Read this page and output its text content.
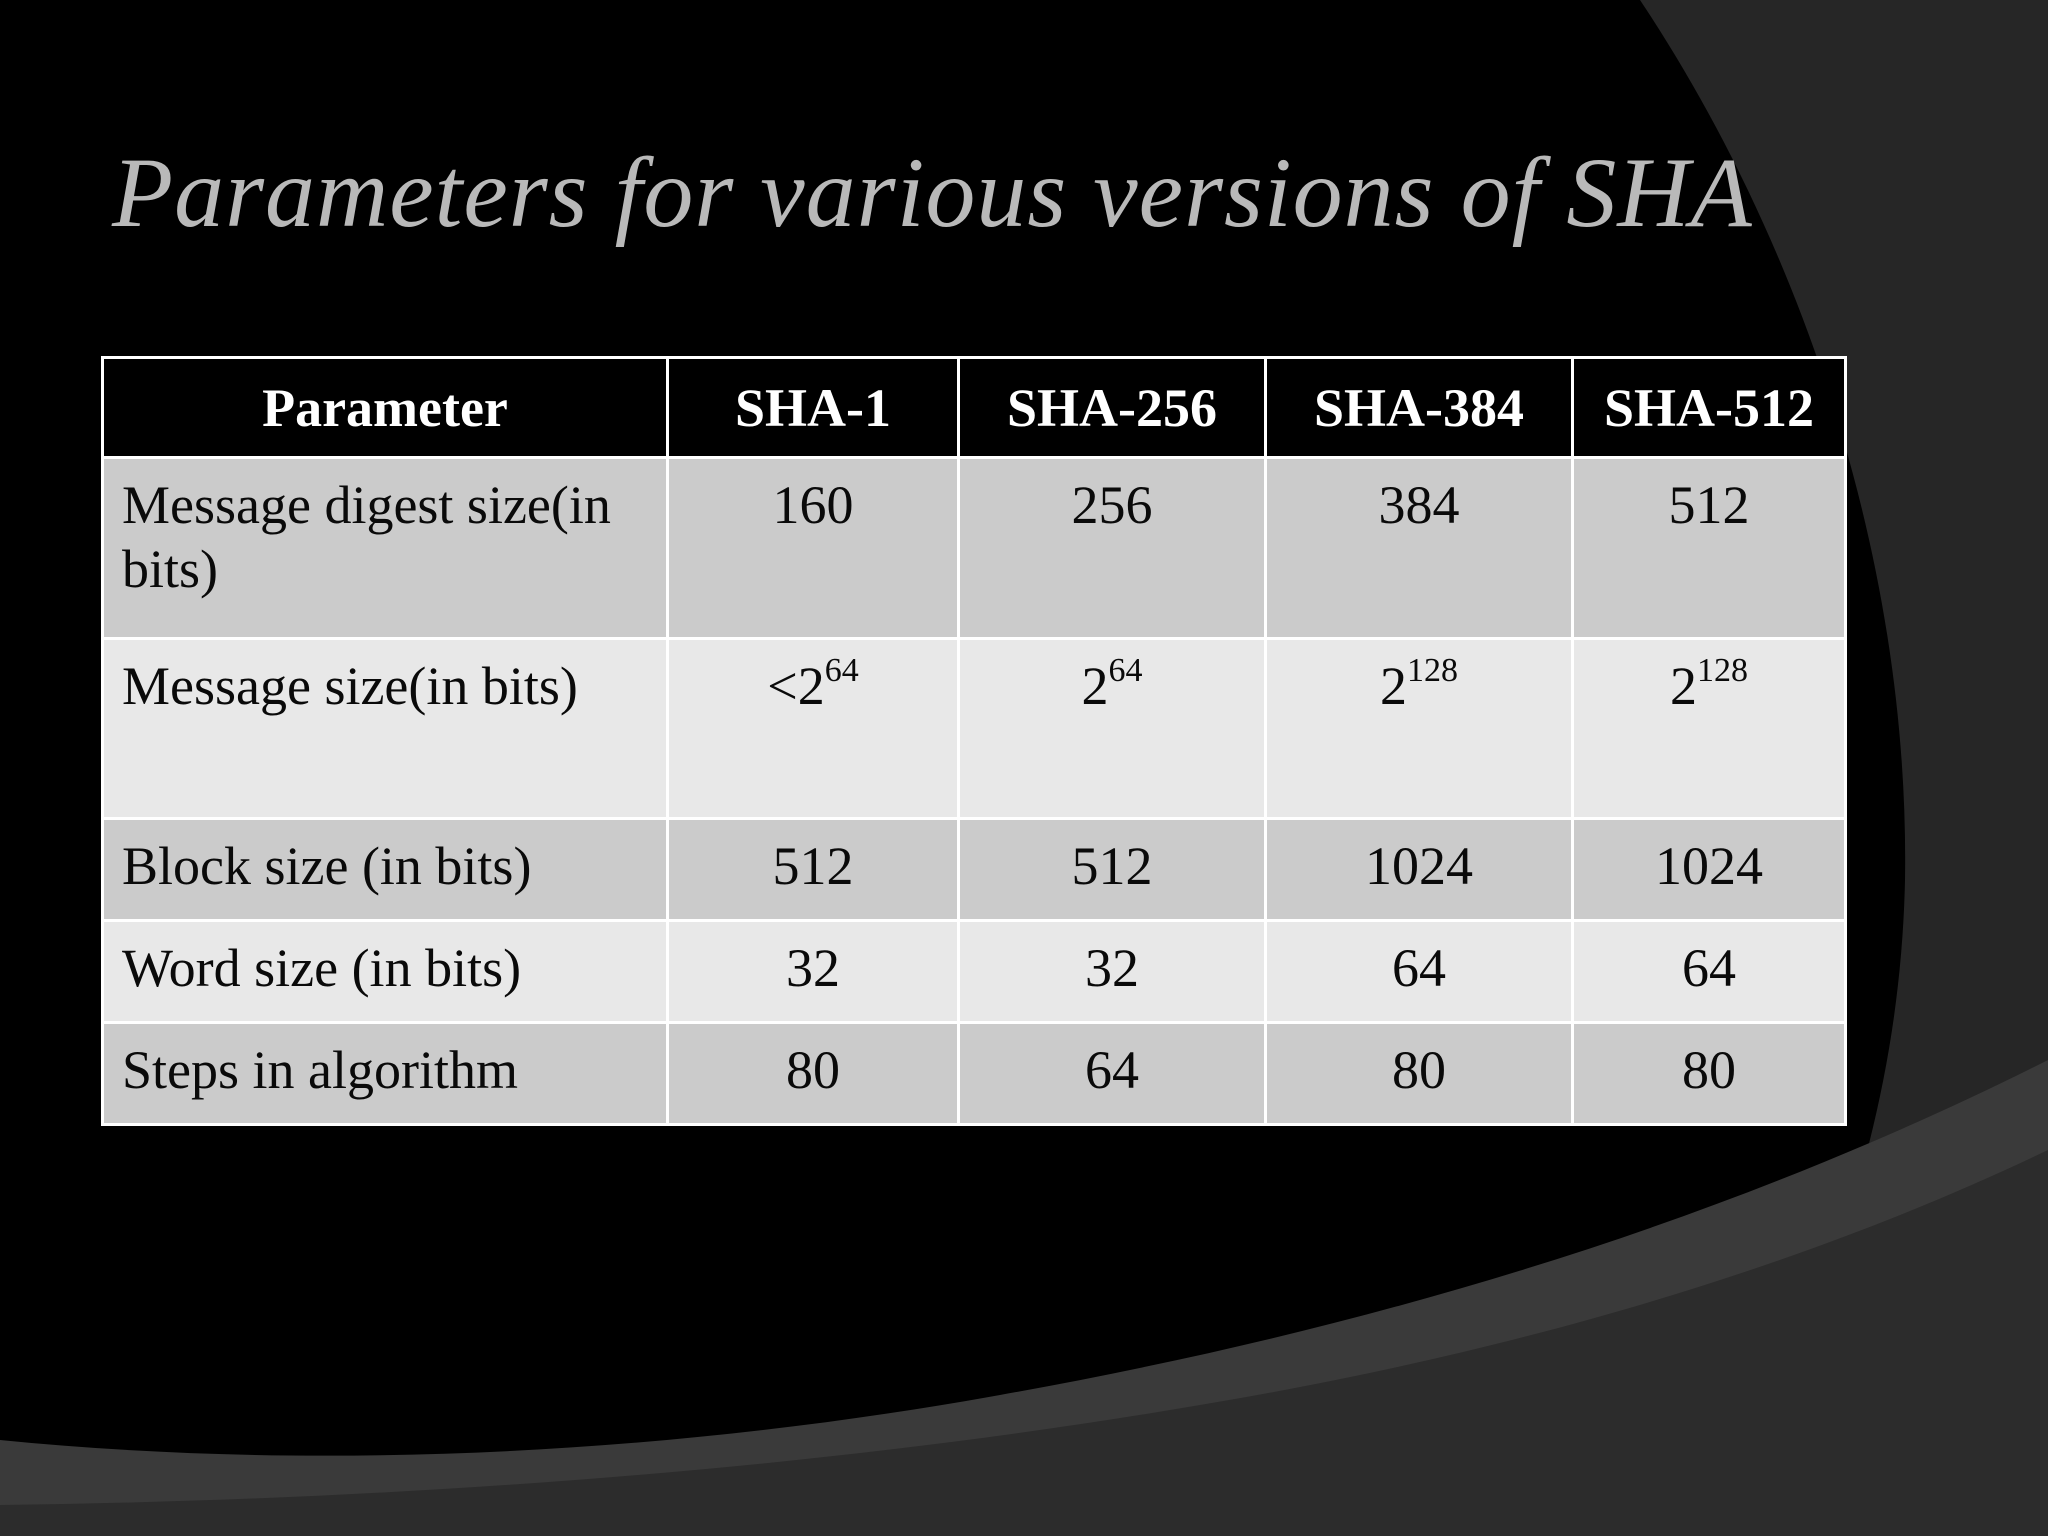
Parameters for various versions of SHA
Parameter	SHA-1	SHA-256	SHA-384	SHA-512
Message digest size(in bits)	160	256	384	512
Message size(in bits)	$<2^{64}$	$2^{64}$	$2^{128}$	$2^{128}$
Block size (in bits)	512	512	1024	1024
Word size (in bits)	32	32	64	64
Steps in algorithm	80	64	80	80
